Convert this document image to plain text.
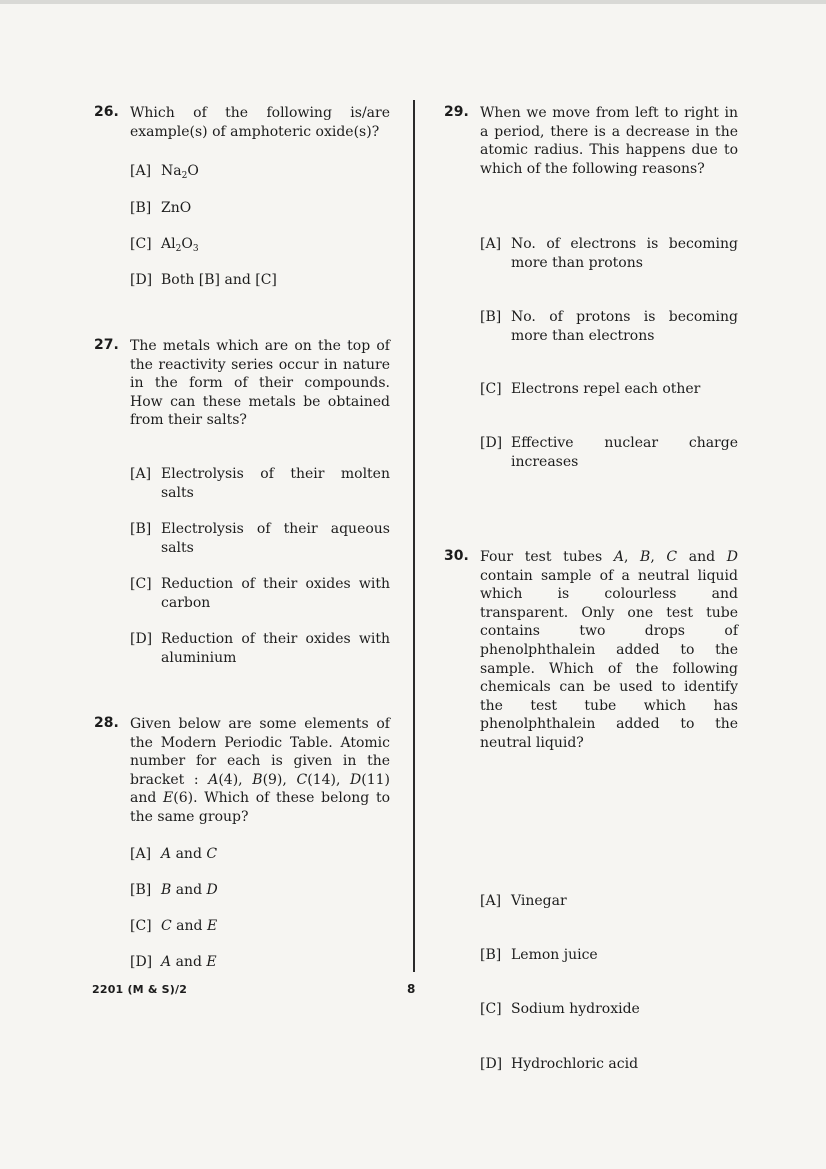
26. Which of the following is/are example(s) of amphoteric oxide(s)?
[A] $Na_2O$
[B] ZnO
[C] $Al_2O_3$
[D] Both [B] and [C]
27. The metals which are on the top of the reactivity series occur in nature in the form of their compounds. How can these metals be obtained from their salts?
[A] Electrolysis of their molten salts
[B] Electrolysis of their aqueous salts
[C] Reduction of their oxides with carbon
[D] Reduction of their oxides with aluminium
28. Given below are some elements of the Modern Periodic Table. Atomic number for each is given in the bracket : A(4), B(9), C(14), D(11) and E(6). Which of these belong to the same group?
[A] A and C
[B] B and D
[C] C and E
[D] A and E
29. When we move from left to right in a period, there is a decrease in the atomic radius. This happens due to which of the following reasons?
[A] No. of electrons is becoming more than protons
[B] No. of protons is becoming more than electrons
[C] Electrons repel each other
[D] Effective nuclear charge increases
30. Four test tubes A, B, C and D contain sample of a neutral liquid which is colourless and transparent. Only one test tube contains two drops of phenolphthalein added to the sample. Which of the following chemicals can be used to identify the test tube which has phenolphthalein added to the neutral liquid?
[A] Vinegar
[B] Lemon juice
[C] Sodium hydroxide
[D] Hydrochloric acid
2201 (M & S)/2	8
